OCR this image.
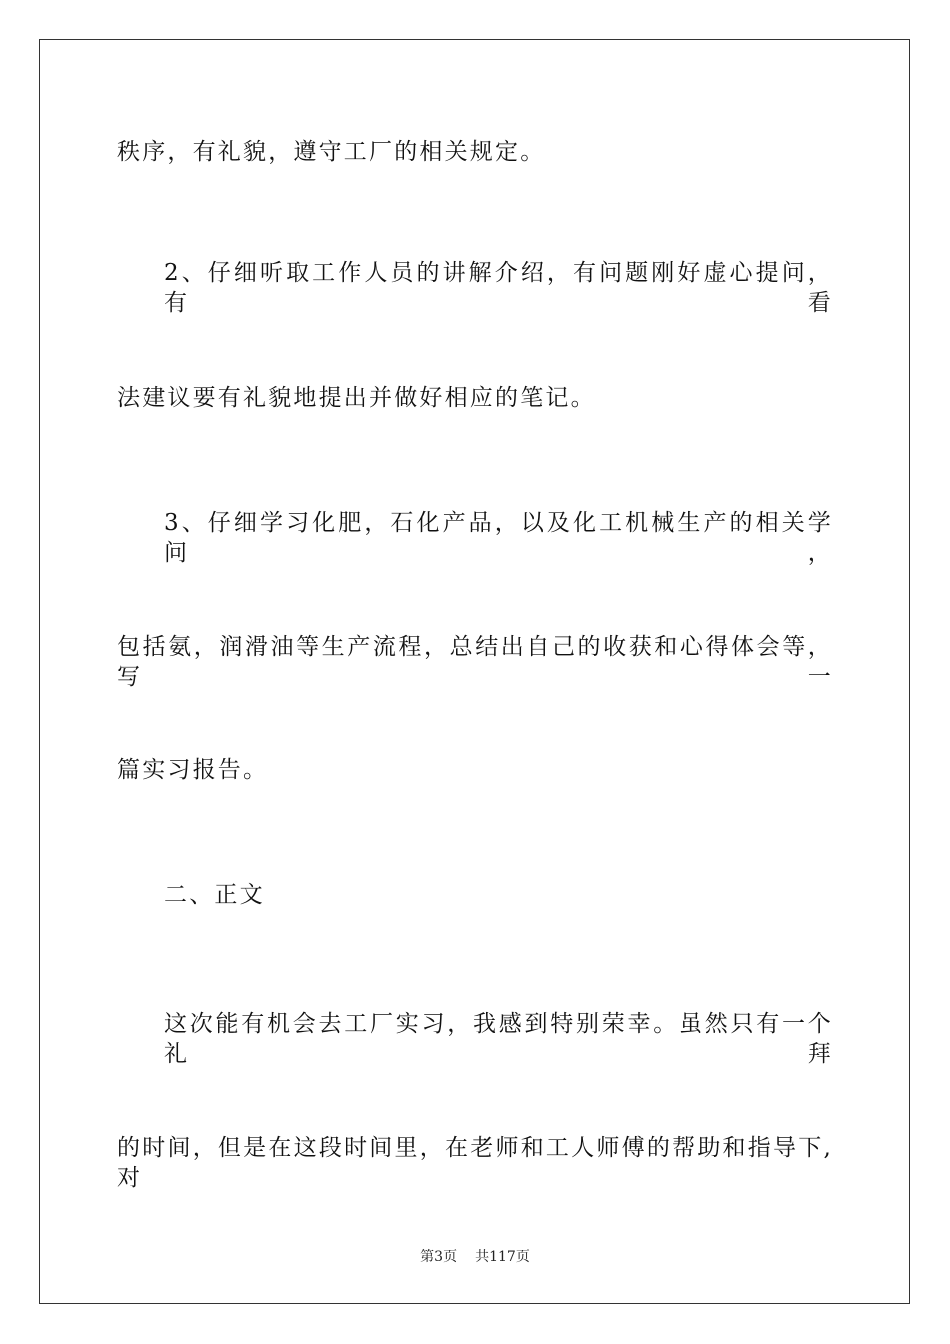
秩序，有礼貌，遵守工厂的相关规定。
2、仔细听取工作人员的讲解介绍，有问题刚好虚心提问，有看
法建议要有礼貌地提出并做好相应的笔记。
3、仔细学习化肥，石化产品，以及化工机械生产的相关学问，
包括氨，润滑油等生产流程，总结出自己的收获和心得体会等，写一
篇实习报告。
二、正文
这次能有机会去工厂实习，我感到特别荣幸。虽然只有一个礼拜
的时间，但是在这段时间里，在老师和工人师傅的帮助和指导下,对
第3页 共117页
